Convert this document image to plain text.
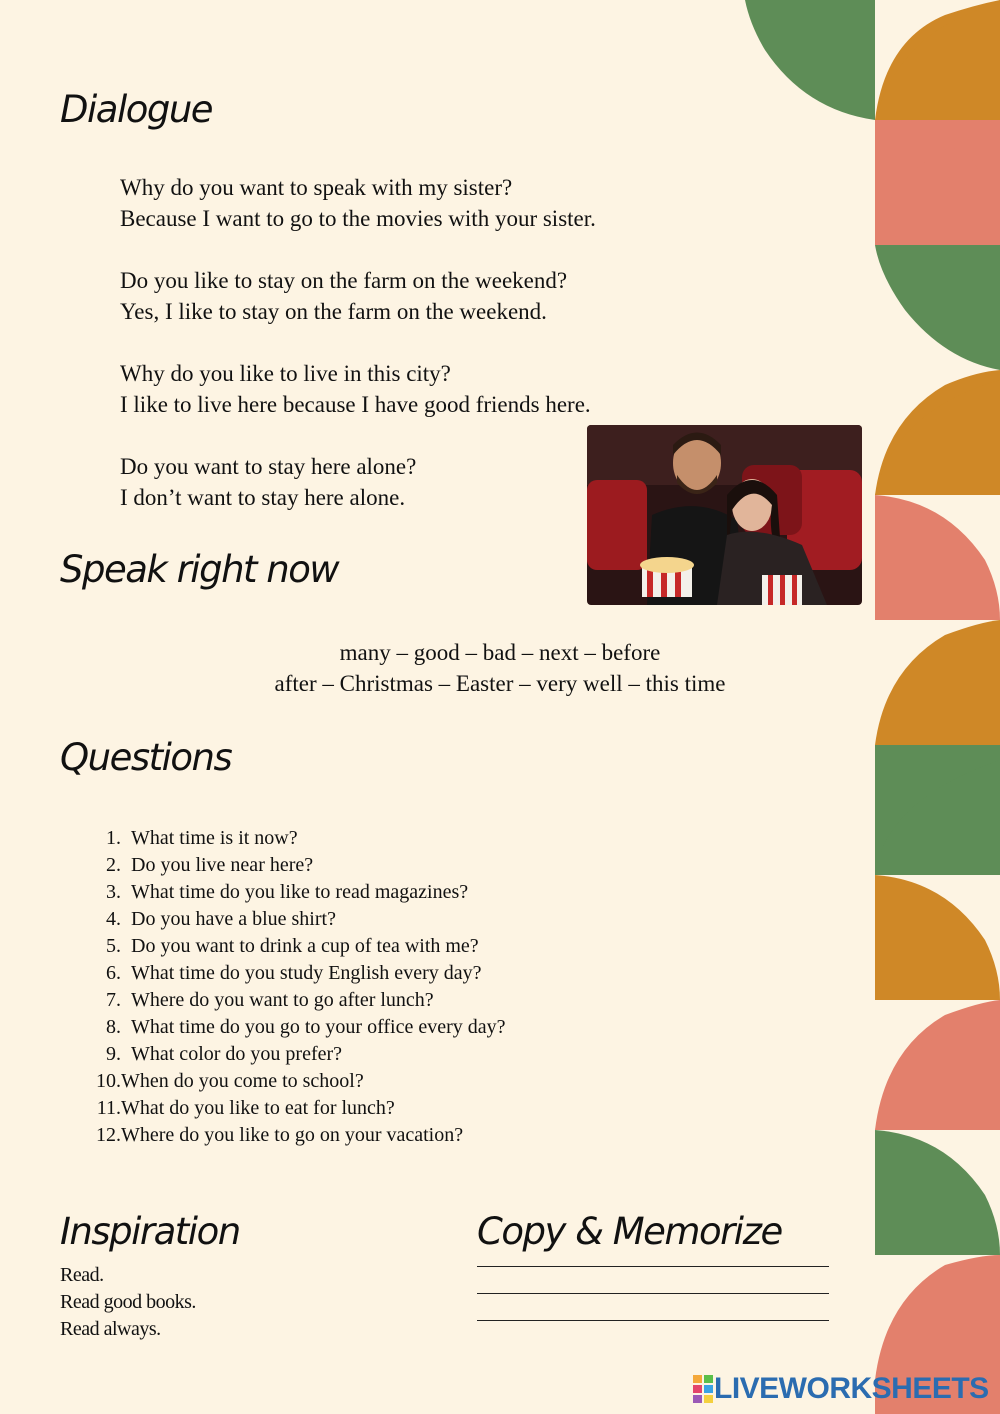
Dialogue

Why do you want to speak with my sister?

Because I want to go to the movies with your sister.

Do you like to stay on the farm on the weekend?

Yes, I like to stay on the farm on the weekend.

Why do you like to live in this city?

I like to live here because I have good friends here.

Do you want to stay here alone?

I don’t want to stay here alone.

Speak right now

many – good – bad – next – before

after – Christmas – Easter – very well – this time

Questions
1.
What time is it now?
2.
Do you live near here?
3.
What time do you like to read magazines?
4.
Do you have a blue shirt?
5.
Do you want to drink a cup of tea with me?
6.
What time do you study English every day?
7.
Where do you want to go after lunch?
8.
What time do you go to your office every day?
9.
What color do you prefer?
10. When do you come to school?
11. What do you like to eat for lunch?
12. Where do you like to go on your vacation?
Inspiration

Read.

Read good books.

Read always.

Copy & Memorize
LIVEWORKSHEETS
